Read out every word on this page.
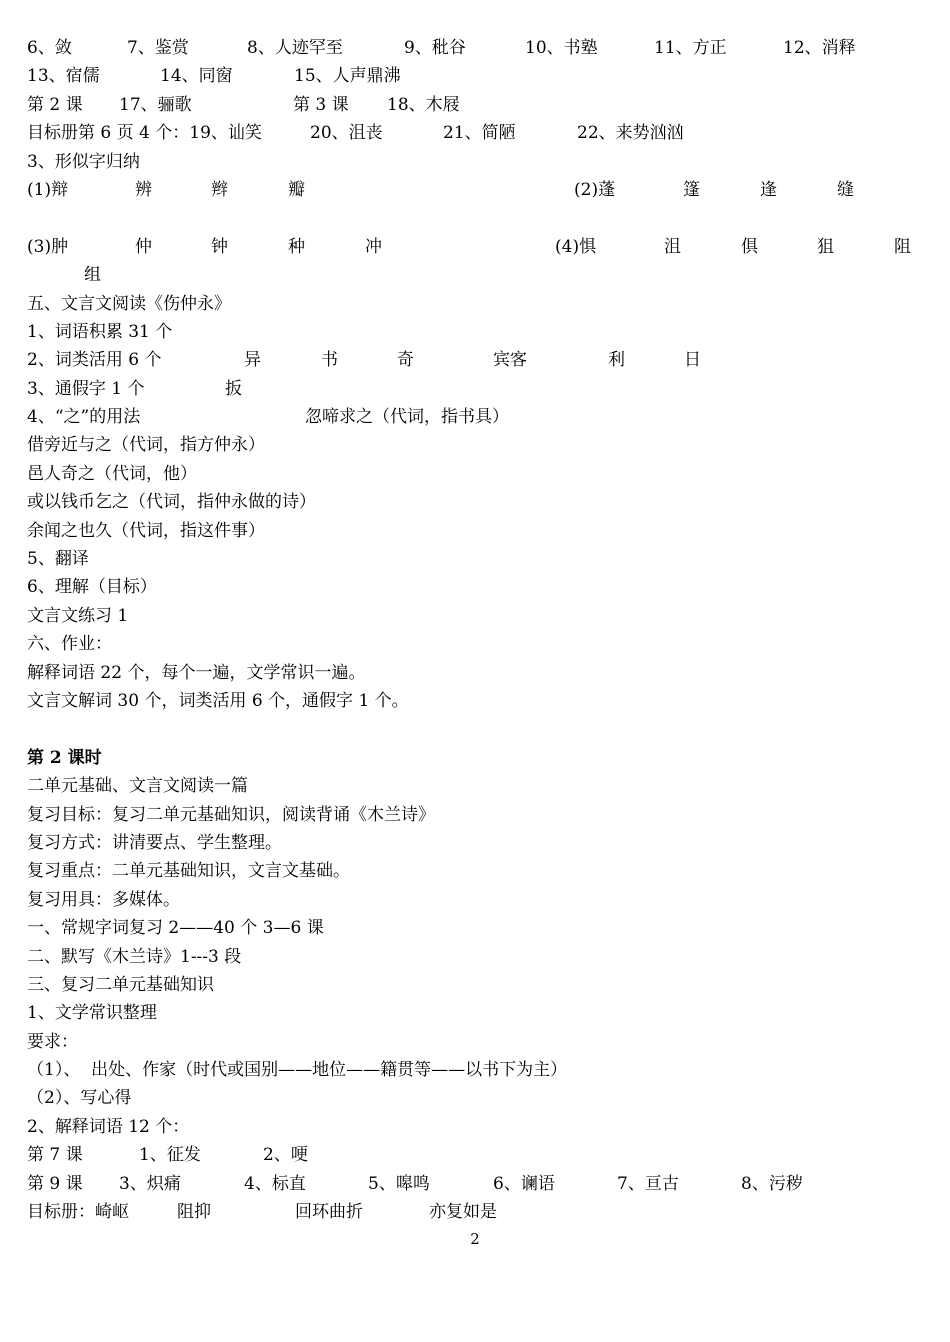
6、敛	7、鉴赏	8、人迹罕至	9、秕谷	10、书塾	11、方正	12、消释
13、宿儒	14、同窗	15、人声鼎沸
第 2 课 17、骊歌	第 3 课 18、木屐
目标册第 6 页 4 个：19、讪笑	20、沮丧	21、简陋	22、来势汹汹
3、形似字归纳
(1)辩	辨	辫	瓣	(2)蓬	篷	逢	缝
(3)肿	仲	钟	种	冲	(4)惧	沮	俱	狙	阻
组
五、文言文阅读《伤仲永》
1、词语积累 31 个
2、词类活用 6 个	异	书	奇	宾客	利	日
3、通假字 1 个	扳
4、“之”的用法	忽啼求之（代词，指书具）
借旁近与之（代词，指方仲永）
邑人奇之（代词，他）
或以钱币乞之（代词，指仲永做的诗）
余闻之也久（代词，指这件事）
5、翻译
6、理解（目标）
文言文练习 1
六、作业：
解释词语 22 个，每个一遍，文学常识一遍。
文言文解词 30 个，词类活用 6 个，通假字 1 个。
第 2 课时
二单元基础、文言文阅读一篇
复习目标：复习二单元基础知识，阅读背诵《木兰诗》
复习方式：讲清要点、学生整理。
复习重点：二单元基础知识，文言文基础。
复习用具：多媒体。
一、常规字词复习 2——40 个 3—6 课
二、默写《木兰诗》1---3 段
三、复习二单元基础知识
1、文学常识整理
要求：
（1）、  出处、作家（时代或国别——地位——籍贯等——以书下为主）
（2）、写心得
2、解释词语 12 个：
第 7 课	1、征发	2、哽
第 9 课 3、炽痛	4、标直	5、嗥鸣	6、谰语	7、亘古	8、污秽
目标册：崎岖	阻抑	回环曲折	亦复如是
2
